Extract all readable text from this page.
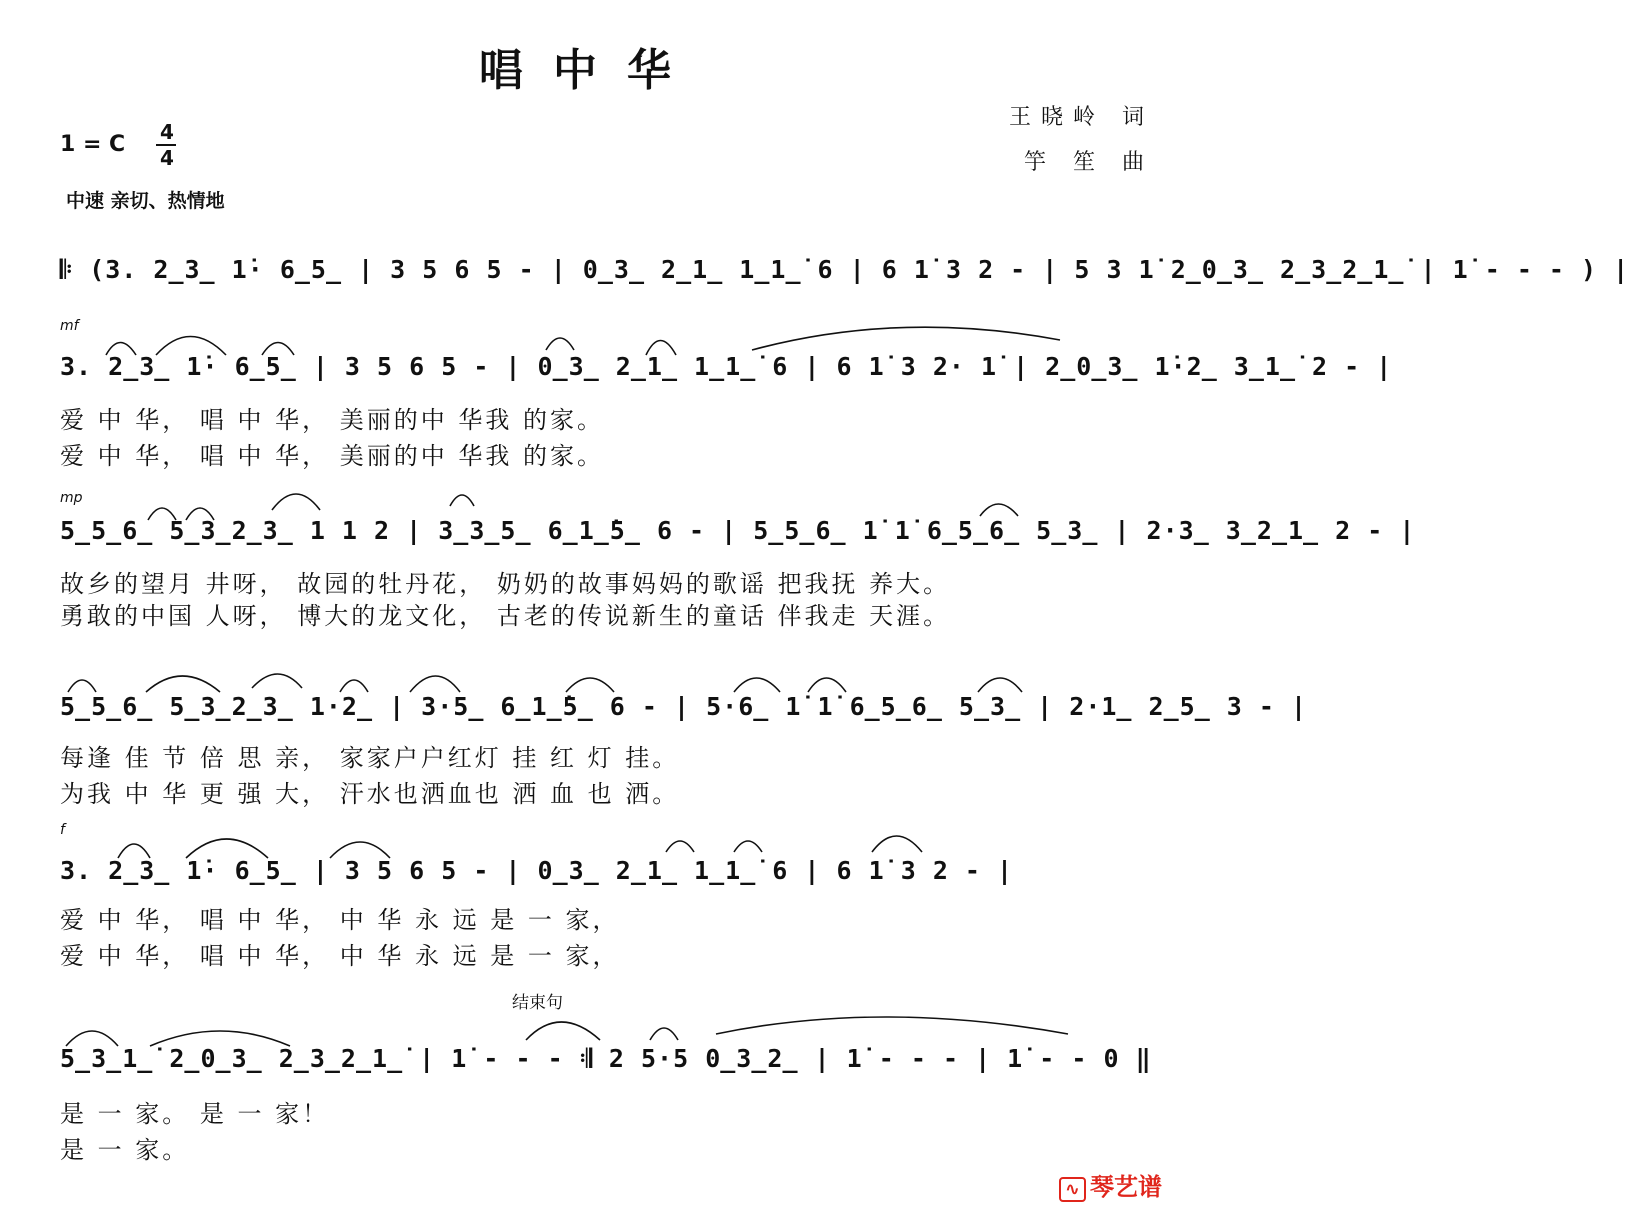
唱中华
王晓岭 词
竽 笙 曲
1 = C 4
4
中速 亲切、热情地
𝄆 (3. 2̲3̲ 1̇· 6̲5̲ | 3 5 6 5 - | 0̲3̲ 2̲1̲ 1̲1̲̇ 6 | 6 1̇ 3 2 - | 5 3 1̇ 2̲0̲3̲ 2̲3̲2̲1̲̇ | 1̇ - - - ) |
mf
3. 2̲3̲ 1̇· 6̲5̲ | 3 5 6 5 - | 0̲3̲ 2̲1̲ 1̲1̲̇ 6 | 6 1̇ 3 2· 1̇ | 2̲0̲3̲ 1̇·2̲ 3̲1̲̇ 2 - |
爱 中 华， 唱 中 华， 美丽的中 华我 的家。
爱 中 华， 唱 中 华， 美丽的中 华我 的家。
mp
5̲5̲6̲ 5̲3̲2̲3̲ 1 1 2 | 3̲3̲5̲ 6̲1̲̇5̲ 6 - | 5̲5̲6̲ 1̇ 1̇ 6̲5̲6̲ 5̲3̲ | 2·3̲ 3̲2̲1̲ 2 - |
故乡的望月 井呀， 故园的牡丹花， 奶奶的故事妈妈的歌谣 把我抚 养大。
勇敢的中国 人呀， 博大的龙文化， 古老的传说新生的童话 伴我走 天涯。
5̲5̲6̲ 5̲3̲2̲3̲ 1·2̲ | 3·5̲ 6̲1̲̇5̲ 6 - | 5·6̲ 1̇ 1̇ 6̲5̲6̲ 5̲3̲ | 2·1̲ 2̲5̲ 3 - |
每逢 佳 节 倍 思 亲， 家家户户红灯 挂 红 灯 挂。
为我 中 华 更 强 大， 汗水也洒血也 洒 血 也 洒。
f
3. 2̲3̲ 1̇· 6̲5̲ | 3 5 6 5 - | 0̲3̲ 2̲1̲ 1̲1̲̇ 6 | 6 1̇ 3 2 - |
爱 中 华， 唱 中 华， 中 华 永 远 是 一 家，
爱 中 华， 唱 中 华， 中 华 永 远 是 一 家，
结束句
5̲3̲1̲̇ 2̲0̲3̲ 2̲3̲2̲1̲̇ | 1̇ - - - 𝄇 2 5·5 0̲3̲2̲ | 1̇ - - - | 1̇ - - 0 ‖
是 一 家。 是 一 家！
是 一 家。
∿ 琴艺谱
